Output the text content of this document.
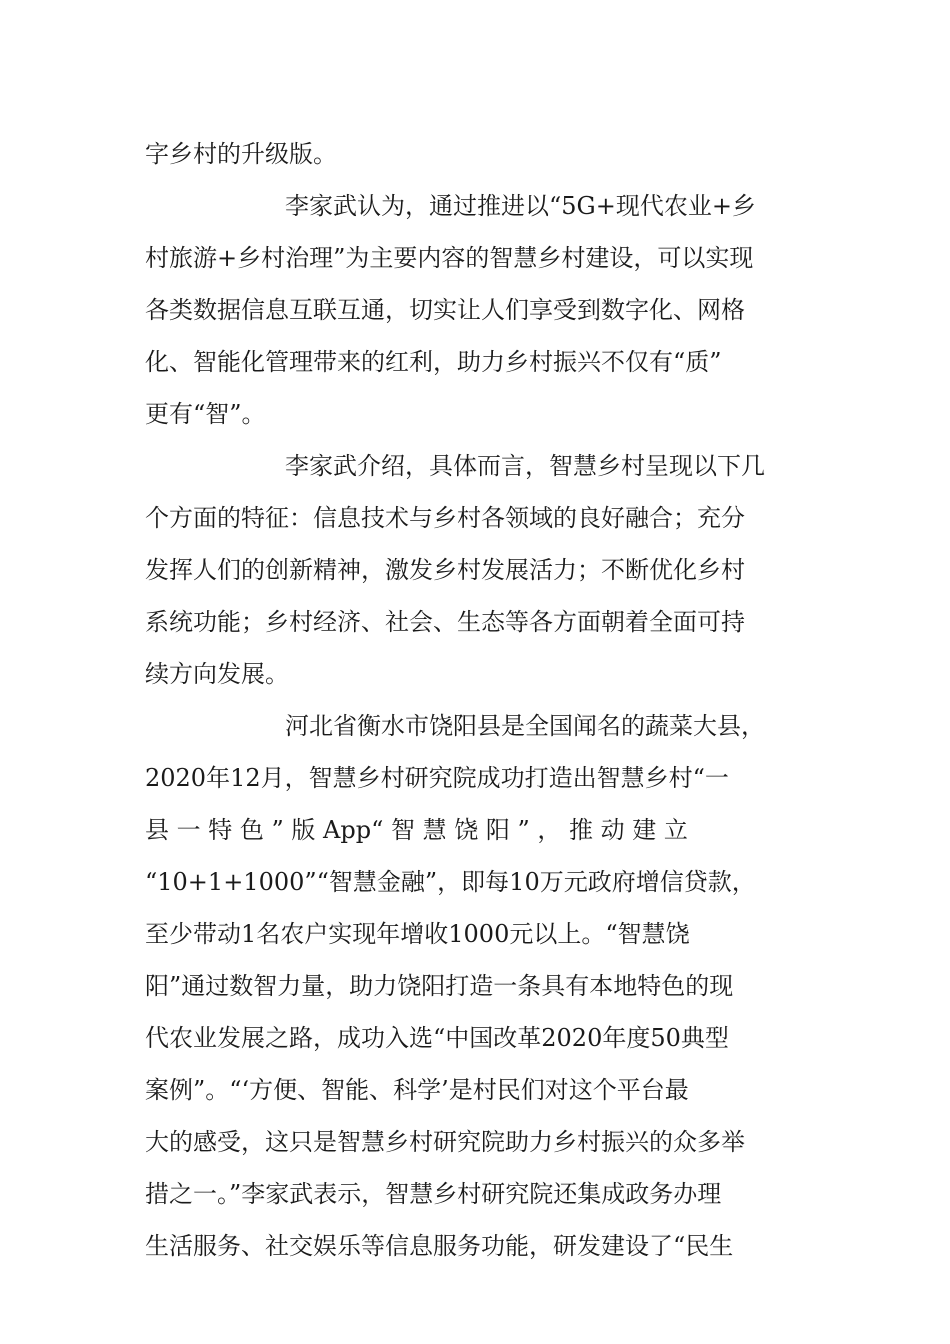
字乡村的升级版。
李家武认为，通过推进以“5G+现代农业+乡
村旅游+乡村治理”为主要内容的智慧乡村建设，可以实现
各类数据信息互联互通，切实让人们享受到数字化、网格
化、智能化管理带来的红利，助力乡村振兴不仅有“质”
更有“智”。
李家武介绍，具体而言，智慧乡村呈现以下几
个方面的特征：信息技术与乡村各领域的良好融合；充分
发挥人们的创新精神，激发乡村发展活力；不断优化乡村
系统功能；乡村经济、社会、生态等各方面朝着全面可持
续方向发展。
河北省衡水市饶阳县是全国闻名的蔬菜大县，
2020年12月，智慧乡村研究院成功打造出智慧乡村“一
县 一 特 色 ” 版 App“ 智 慧 饶 阳 ” ， 推 动 建 立
“10+1+1000”“智慧金融”，即每10万元政府增信贷款，
至少带动1名农户实现年增收1000元以上。“智慧饶
阳”通过数智力量，助力饶阳打造一条具有本地特色的现
代农业发展之路，成功入选“中国改革2020年度50典型
案例”。“‘方便、智能、科学’是村民们对这个平台最
大的感受，这只是智慧乡村研究院助力乡村振兴的众多举
措之一。”李家武表示，智慧乡村研究院还集成政务办理
生活服务、社交娱乐等信息服务功能，研发建设了“民生
